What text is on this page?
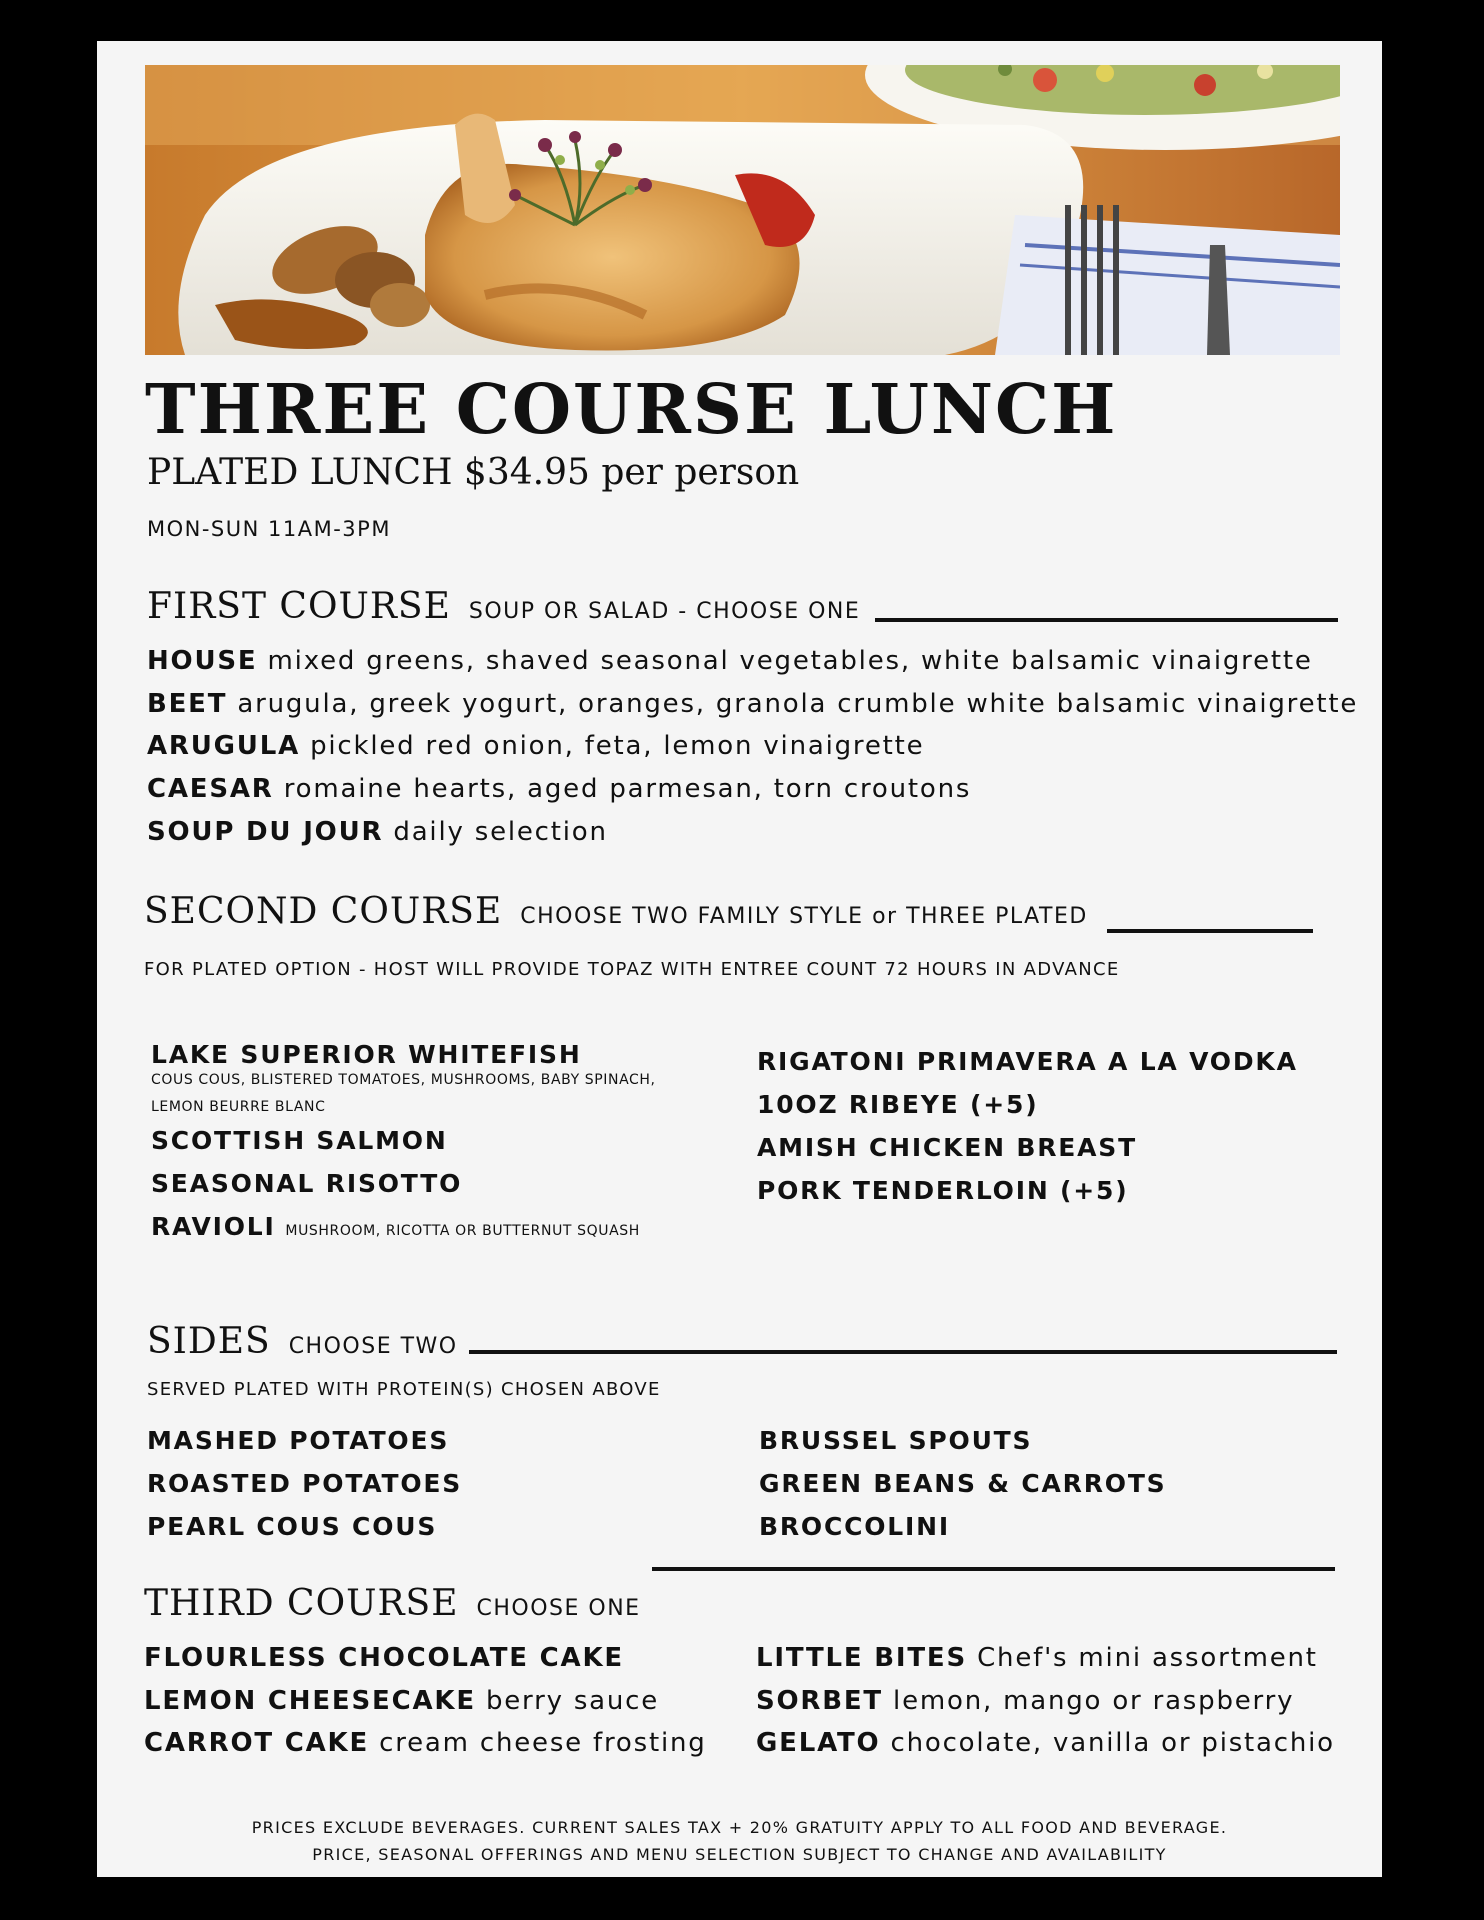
THREE COURSE LUNCH
PLATED LUNCH $34.95 per person
MON-SUN 11AM-3PM
FIRST COURSE SOUP OR SALAD - CHOOSE ONE
HOUSE mixed greens, shaved seasonal vegetables, white balsamic vinaigrette
BEET arugula, greek yogurt, oranges, granola crumble white balsamic vinaigrette
ARUGULA pickled red onion, feta, lemon vinaigrette
CAESAR romaine hearts, aged parmesan, torn croutons
SOUP DU JOUR daily selection
SECOND COURSE CHOOSE TWO FAMILY STYLE or THREE PLATED
FOR PLATED OPTION - HOST WILL PROVIDE TOPAZ WITH ENTREE COUNT 72 HOURS IN ADVANCE
LAKE SUPERIOR WHITEFISH
COUS COUS, BLISTERED TOMATOES, MUSHROOMS, BABY SPINACH,
LEMON BEURRE BLANC
SCOTTISH SALMON
SEASONAL RISOTTO
RAVIOLI MUSHROOM, RICOTTA OR BUTTERNUT SQUASH
RIGATONI PRIMAVERA A LA VODKA
10OZ RIBEYE (+5)
AMISH CHICKEN BREAST
PORK TENDERLOIN (+5)
SIDES CHOOSE TWO
SERVED PLATED WITH PROTEIN(S) CHOSEN ABOVE
MASHED POTATOES
ROASTED POTATOES
PEARL COUS COUS
BRUSSEL SPOUTS
GREEN BEANS & CARROTS
BROCCOLINI
THIRD COURSE CHOOSE ONE
FLOURLESS CHOCOLATE CAKE
LEMON CHEESECAKE berry sauce
CARROT CAKE cream cheese frosting
LITTLE BITES Chef's mini assortment
SORBET lemon, mango or raspberry
GELATO chocolate, vanilla or pistachio
PRICES EXCLUDE BEVERAGES. CURRENT SALES TAX + 20% GRATUITY APPLY TO ALL FOOD AND BEVERAGE.
PRICE, SEASONAL OFFERINGS AND MENU SELECTION SUBJECT TO CHANGE AND AVAILABILITY
